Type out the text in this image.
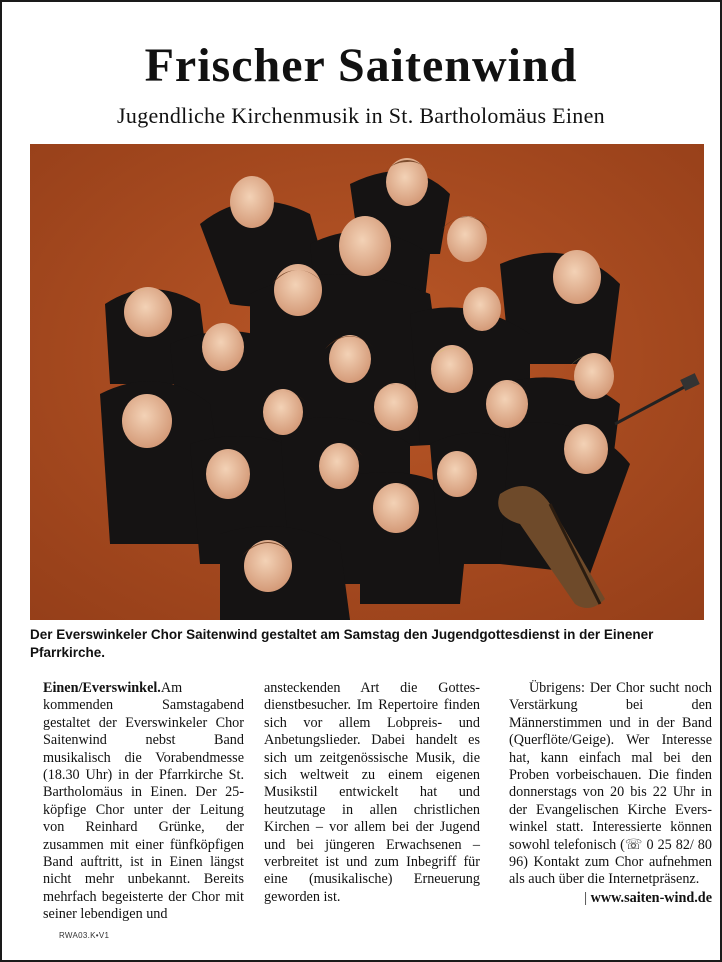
Frischer Saitenwind
Jugendliche Kirchenmusik in St. Bartholomäus Einen
Der Everswinkeler Chor Saitenwind gestaltet am Samstag den Jugendgottesdienst in der Einener Pfarrkirche.

Einen/Everswinkel.Am kommenden Samstagabend gestaltet der Everswinkeler Chor Saitenwind nebst Band musikalisch die Vorabendmesse (18.30 Uhr) in der Pfarrkirche St. Bartholomäus in Einen. Der 25-köpfige Chor unter der Leitung von Reinhard Grünke, der zusammen mit einer fünfköpfigen Band auftritt, ist in Einen längst nicht mehr unbekannt. Bereits mehrfach begeisterte der Chor mit seiner lebendigen und

ansteckenden Art die Gottesdienstbesucher. Im Repertoire finden sich vor allem Lobpreis- und Anbetungslieder. Dabei handelt es sich um zeitgenössische Musik, die sich weltweit zu einem eigenen Musikstil entwickelt hat und heutzutage in allen christlichen Kirchen – vor allem bei der Jugend und bei jüngeren Erwachsenen – verbreitet ist und zum Inbegriff für eine (musikalische) Erneuerung geworden ist.

Übrigens: Der Chor sucht noch Verstärkung bei den Männerstimmen und in der Band (Querflöte/Geige). Wer Interesse hat, kann einfach mal bei den Proben vorbeischauen. Die finden donnerstags von 20 bis 22 Uhr in der Evangelischen Kirche Everswinkel statt. Interessierte können sowohl telefonisch (☏ 0 25 82/ 80 96) Kontakt zum Chor aufnehmen als auch über die Internetpräsenz.

| www.saiten-wind.de
RWA03.K•V1
